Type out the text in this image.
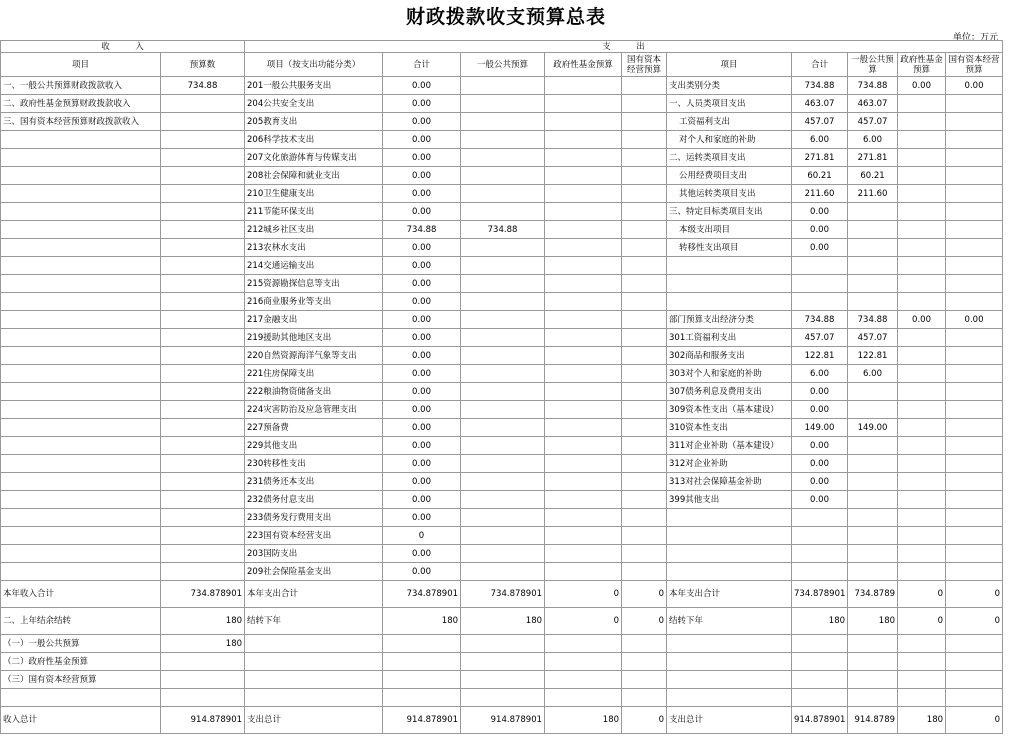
财政拨款收支预算总表
单位：万元
收　　　入		支　　　出									
项目	预算数	项目（按支出功能分类）	合计	一般公共预算	政府性基金预算	国有资本经营预算	项目	合计	一般公共预算	政府性基金预算	国有资本经营预算
一、一般公共预算财政拨款收入	734.88	201一般公共服务支出	0.00				支出类别分类	734.88	734.88	0.00	0.00
二、政府性基金预算财政拨款收入		204公共安全支出	0.00				一、人员类项目支出	463.07	463.07		
三、国有资本经营预算财政拨款收入		205教育支出	0.00				工资福利支出	457.07	457.07		
		206科学技术支出	0.00				对个人和家庭的补助	6.00	6.00		
		207文化旅游体育与传媒支出	0.00				二、运转类项目支出	271.81	271.81		
		208社会保障和就业支出	0.00				公用经费项目支出	60.21	60.21		
		210卫生健康支出	0.00				其他运转类项目支出	211.60	211.60		
		211节能环保支出	0.00				三、特定目标类项目支出	0.00			
		212城乡社区支出	734.88	734.88			本级支出项目	0.00			
		213农林水支出	0.00				转移性支出项目	0.00			
		214交通运输支出	0.00								
		215资源勘探信息等支出	0.00								
		216商业服务业等支出	0.00								
		217金融支出	0.00				部门预算支出经济分类	734.88	734.88	0.00	0.00
		219援助其他地区支出	0.00				301工资福利支出	457.07	457.07		
		220自然资源海洋气象等支出	0.00				302商品和服务支出	122.81	122.81		
		221住房保障支出	0.00				303对个人和家庭的补助	6.00	6.00		
		222粮油物资储备支出	0.00				307债务利息及费用支出	0.00			
		224灾害防治及应急管理支出	0.00				309资本性支出（基本建设）	0.00			
		227预备费	0.00				310资本性支出	149.00	149.00		
		229其他支出	0.00				311对企业补助（基本建设）	0.00			
		230转移性支出	0.00				312对企业补助	0.00			
		231债务还本支出	0.00				313对社会保障基金补助	0.00			
		232债务付息支出	0.00				399其他支出	0.00			
		233债务发行费用支出	0.00								
		223国有资本经营支出	0								
		203国防支出	0.00								
		209社会保险基金支出	0.00								
本年收入合计	734.878901	本年支出合计	734.878901	734.878901	0	0	本年支出合计	734.878901	734.8789	0	0
二、上年结余结转	180	结转下年	180	180	0	0	结转下年	180	180	0	0
（一）一般公共预算	180										
（二）政府性基金预算											
（三）国有资本经营预算											

收入总计	914.878901	支出总计	914.878901	914.878901	180	0	支出总计	914.878901	914.8789	180	0
